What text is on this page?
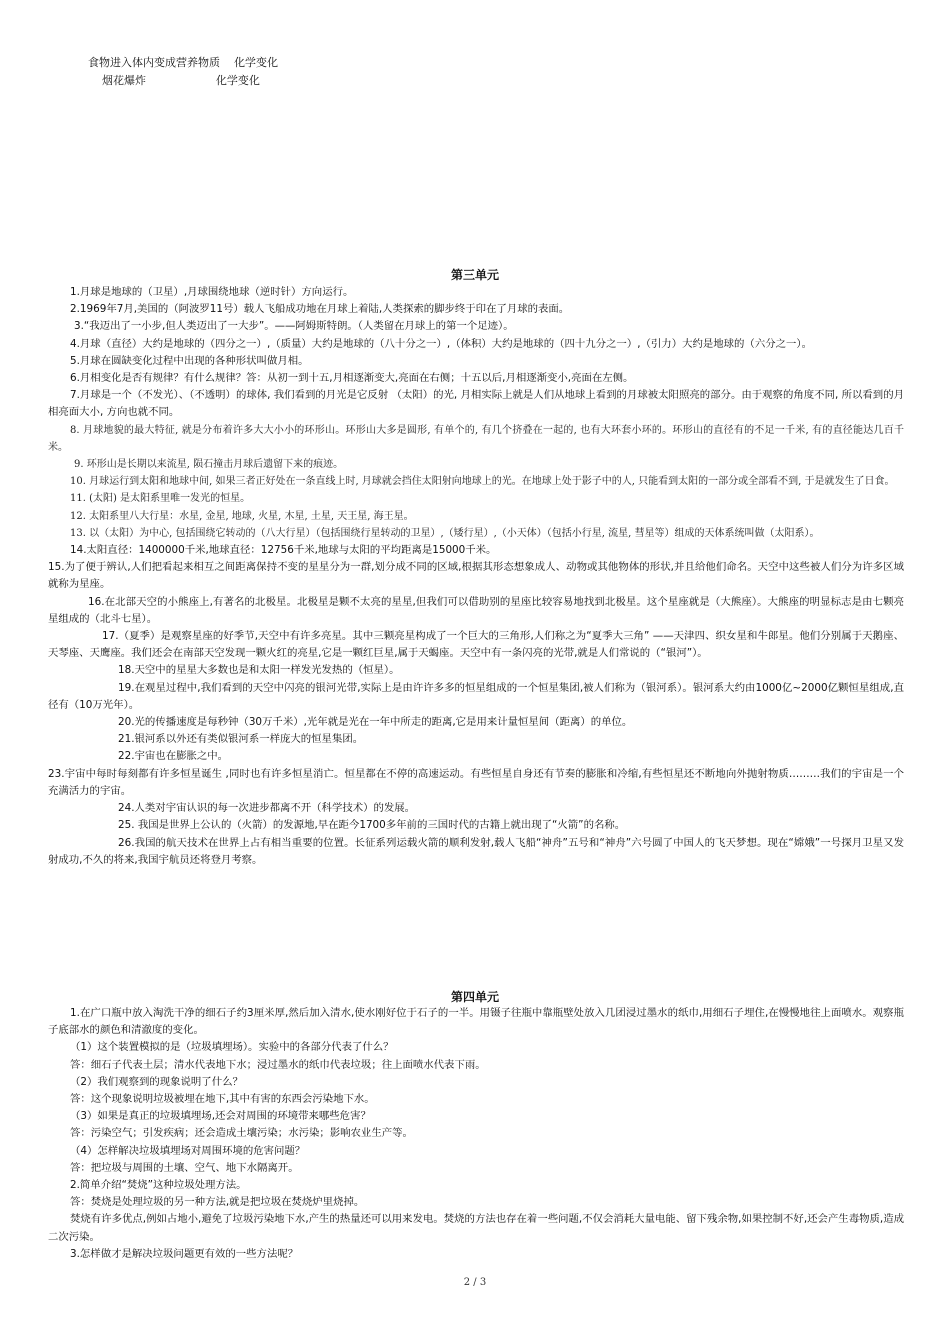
食物进入体内变成营养物质    化学变化
烟花爆炸                    化学变化
第三单元

1.月球是地球的（卫星）,月球围绕地球（逆时针）方向运行。

2.1969年7月,美国的（阿波罗11号）载人飞船成功地在月球上着陆,人类探索的脚步终于印在了月球的表面。

3.“我迈出了一小步,但人类迈出了一大步”。——阿姆斯特朗。（人类留在月球上的第一个足迹）。

4.月球（直径）大约是地球的（四分之一）,（质量）大约是地球的（八十分之一）,（体积）大约是地球的（四十九分之一）,（引力）大约是地球的（六分之一）。

5.月球在圆缺变化过程中出现的各种形状叫做月相。

6.月相变化是否有规律？有什么规律？答：从初一到十五,月相逐渐变大,亮面在右侧；十五以后,月相逐渐变小,亮面在左侧。

7.月球是一个（不发光）、（不透明）的球体, 我们看到的月光是它反射 （太阳）的光, 月相实际上就是人们从地球上看到的月球被太阳照亮的部分。由于观察的角度不同, 所以看到的月相亮面大小, 方向也就不同。

8. 月球地貌的最大特征, 就是分布着许多大大小小的环形山。环形山大多是圆形, 有单个的, 有几个挤叠在一起的, 也有大环套小环的。环形山的直径有的不足一千米, 有的直径能达几百千米。

9. 环形山是长期以来流星, 陨石撞击月球后遗留下来的痕迹。

10. 月球运行到太阳和地球中间, 如果三者正好处在一条直线上时, 月球就会挡住太阳射向地球上的光。在地球上处于影子中的人, 只能看到太阳的一部分或全部看不到, 于是就发生了日食。

11. (太阳) 是太阳系里唯一发光的恒星。

12. 太阳系里八大行星：水星, 金星, 地球, 火星, 木星, 土星, 天王星, 海王星。

13. 以（太阳）为中心, 包括围绕它转动的（八大行星）（包括围绕行星转动的卫星）,（矮行星）,（小天体）（包括小行星, 流星, 彗星等）组成的天体系统叫做（太阳系）。

14.太阳直径：1400000千米,地球直径：12756千米,地球与太阳的平均距离是15000千米。

15.为了便于辨认,人们把看起来相互之间距离保持不变的星星分为一群,划分成不同的区域,根据其形态想象成人、动物或其他物体的形状,并且给他们命名。天空中这些被人们分为许多区域就称为星座。

16.在北部天空的小熊座上,有著名的北极星。北极星是颗不太亮的星星,但我们可以借助别的星座比较容易地找到北极星。这个星座就是（大熊座）。大熊座的明显标志是由七颗亮星组成的（北斗七星）。

17.（夏季）是观察星座的好季节,天空中有许多亮星。其中三颗亮星构成了一个巨大的三角形,人们称之为“夏季大三角” ——天津四、织女星和牛郎星。他们分别属于天鹅座、天琴座、天鹰座。我们还会在南部天空发现一颗火红的亮星,它是一颗红巨星,属于天蝎座。天空中有一条闪亮的光带,就是人们常说的（“银河”）。

18.天空中的星星大多数也是和太阳一样发光发热的（恒星）。

19.在观星过程中,我们看到的天空中闪亮的银河光带,实际上是由许许多多的恒星组成的一个恒星集团,被人们称为（银河系）。银河系大约由1000亿~2000亿颗恒星组成,直径有（10万光年）。

20.光的传播速度是每秒钟（30万千米）,光年就是光在一年中所走的距离,它是用来计量恒星间（距离）的单位。

21.银河系以外还有类似银河系一样庞大的恒星集团。

22.宇宙也在膨胀之中。

23.宇宙中每时每刻都有许多恒星诞生 ,同时也有许多恒星消亡。恒星都在不停的高速运动。有些恒星自身还有节奏的膨胀和冷缩,有些恒星还不断地向外抛射物质………我们的宇宙是一个充满活力的宇宙。

24.人类对宇宙认识的每一次进步都离不开（科学技术）的发展。

25. 我国是世界上公认的（火箭）的发源地,早在距今1700多年前的三国时代的古籍上就出现了“火箭”的名称。

26.我国的航天技术在世界上占有相当重要的位置。长征系列运载火箭的顺利发射,载人飞船“神舟”五号和“神舟”六号圆了中国人的飞天梦想。现在“嫦娥”一号探月卫星又发射成功,不久的将来,我国宇航员还将登月考察。

第四单元

1.在广口瓶中放入淘洗干净的细石子约3厘米厚,然后加入清水,使水刚好位于石子的一半。用镊子往瓶中靠瓶壁处放入几团浸过墨水的纸巾,用细石子埋住,在慢慢地往上面喷水。观察瓶子底部水的颜色和清澈度的变化。

（1）这个装置模拟的是（垃圾填埋场）。实验中的各部分代表了什么？

答：细石子代表土层；清水代表地下水；浸过墨水的纸巾代表垃圾；往上面喷水代表下雨。

（2）我们观察到的现象说明了什么？

答：这个现象说明垃圾被埋在地下,其中有害的东西会污染地下水。

（3）如果是真正的垃圾填埋场,还会对周围的环境带来哪些危害？

答：污染空气；引发疾病；还会造成土壤污染；水污染；影响农业生产等。

（4）怎样解决垃圾填埋场对周围环境的危害问题？

答：把垃圾与周围的土壤、空气、地下水隔离开。

2.简单介绍“焚烧”这种垃圾处理方法。

答：焚烧是处理垃圾的另一种方法,就是把垃圾在焚烧炉里烧掉。

焚烧有许多优点,例如占地小,避免了垃圾污染地下水,产生的热量还可以用来发电。焚烧的方法也存在着一些问题,不仅会消耗大量电能、留下残余物,如果控制不好,还会产生毒物质,造成二次污染。

3.怎样做才是解决垃圾问题更有效的一些方法呢？

2 / 3
